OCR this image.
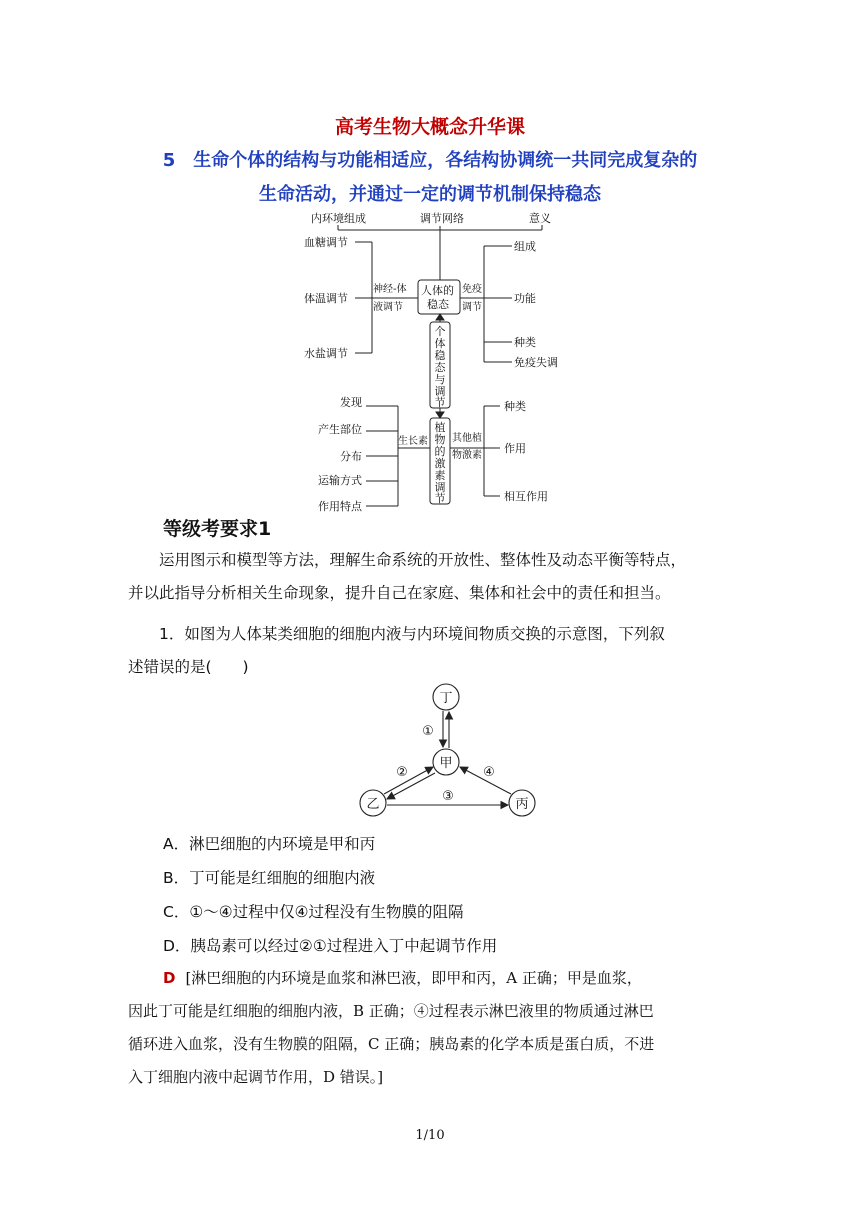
高考生物大概念升华课
5　生命个体的结构与功能相适应，各结构协调统一共同完成复杂的
生命活动，并通过一定的调节机制保持稳态
内环境组成	调节网络	意义
人体的
稳态
神经-体
液调节
血糖调节
体温调节
水盐调节
免疫
调节
组成
功能
种类
免疫失调
个
体
稳
态
与
调
节
植
物
的
激
素
调
节
生长素
发现
产生部位
分布
运输方式
作用特点
其他植
物激素
种类
作用
相互作用
等级考要求1
运用图示和模型等方法，理解生命系统的开放性、整体性及动态平衡等特点，
并以此指导分析相关生命现象，提升自己在家庭、集体和社会中的责任和担当。
1．如图为人体某类细胞的细胞内液与内环境间物质交换的示意图，下列叙
述错误的是(　　)
丁
甲
乙	丙
①
②
③
④
A．淋巴细胞的内环境是甲和丙
B．丁可能是红细胞的细胞内液
C．①～④过程中仅④过程没有生物膜的阻隔
D．胰岛素可以经过②①过程进入丁中起调节作用
D [淋巴细胞的内环境是血浆和淋巴液，即甲和丙，A 正确；甲是血浆，
因此丁可能是红细胞的细胞内液，B 正确；④过程表示淋巴液里的物质通过淋巴
循环进入血浆，没有生物膜的阻隔，C 正确；胰岛素的化学本质是蛋白质，不进
入丁细胞内液中起调节作用，D 错误。]
1/10
